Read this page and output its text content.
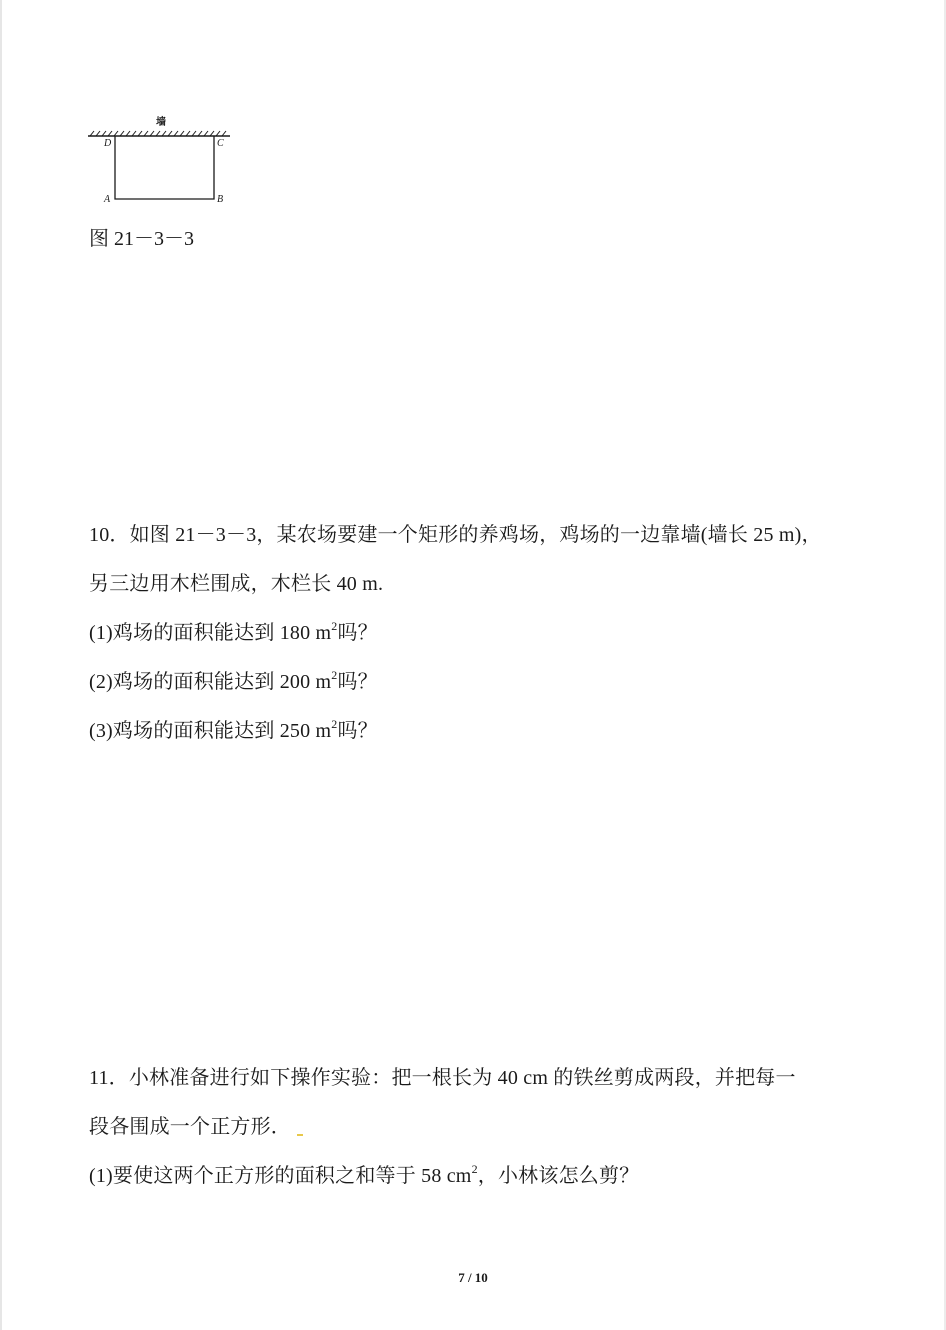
墙
D	C
A	B
图 21－3－3
10．如图 21－3－3，某农场要建一个矩形的养鸡场，鸡场的一边靠墙(墙长 25 m)，
另三边用木栏围成，木栏长 40 m.
(1)鸡场的面积能达到 180 $m^2$吗？
(2)鸡场的面积能达到 200 $m^2$吗？
(3)鸡场的面积能达到 250 $m^2$吗？
11．小林准备进行如下操作实验：把一根长为 40 cm 的铁丝剪成两段，并把每一
段各围成一个正方形．
(1)要使这两个正方形的面积之和等于 58 $cm^2$，小林该怎么剪？
7 / 10
